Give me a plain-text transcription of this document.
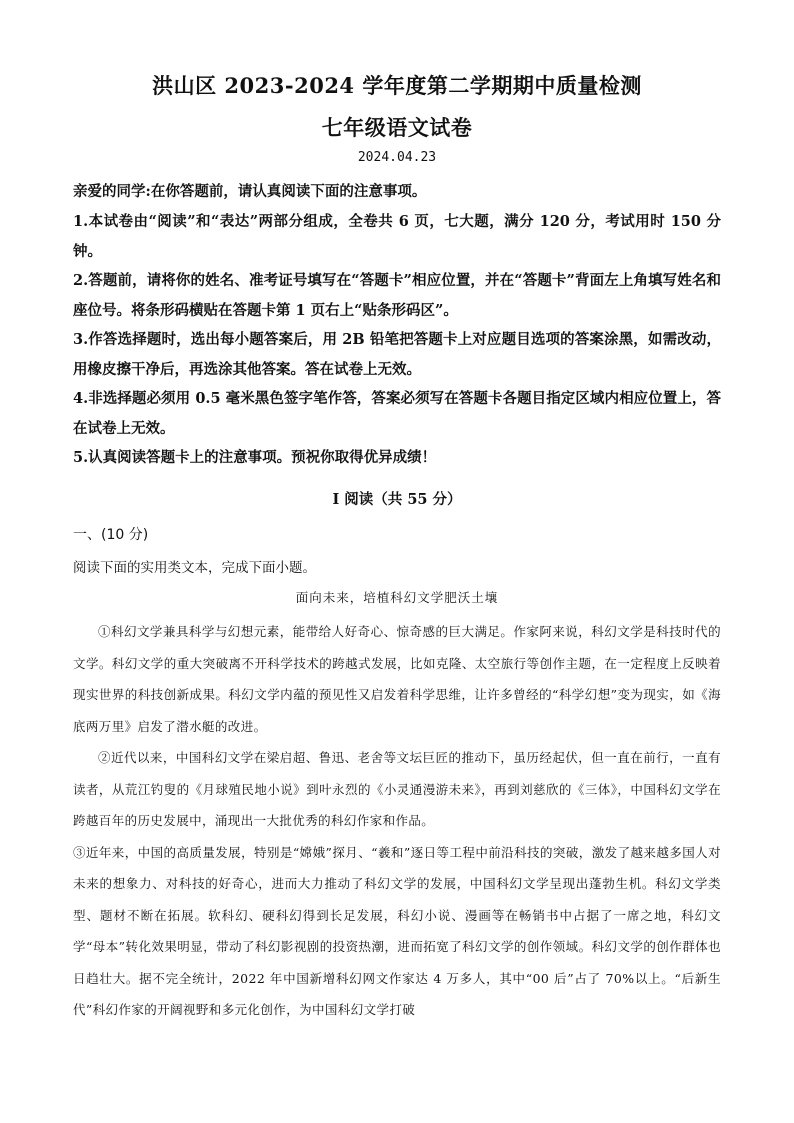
洪山区 2023-2024 学年度第二学期期中质量检测
七年级语文试卷
2024.04.23
亲爱的同学:在你答题前，请认真阅读下面的注意事项。

1.本试卷由“阅读”和“表达”两部分组成，全卷共 6 页，七大题，满分 120 分，考试用时 150 分钟。

2.答题前，请将你的姓名、准考证号填写在“答题卡”相应位置，并在“答题卡”背面左上角填写姓名和座位号。将条形码横贴在答题卡第 1 页右上“贴条形码区”。

3.作答选择题时，选出每小题答案后，用 2B 铅笔把答题卡上对应题目选项的答案涂黑，如需改动，用橡皮擦干净后，再选涂其他答案。答在试卷上无效。

4.非选择题必须用 0.5 毫米黑色签字笔作答，答案必须写在答题卡各题目指定区域内相应位置上，答在试卷上无效。

5.认真阅读答题卡上的注意事项。预祝你取得优异成绩！

I 阅读（共 55 分）
一、(10 分)
阅读下面的实用类文本，完成下面小题。
面向未来，培植科幻文学肥沃土壤

①科幻文学兼具科学与幻想元素，能带给人好奇心、惊奇感的巨大满足。作家阿来说，科幻文学是科技时代的文学。科幻文学的重大突破离不开科学技术的跨越式发展，比如克隆、太空旅行等创作主题，在一定程度上反映着现实世界的科技创新成果。科幻文学内蕴的预见性又启发着科学思维，让许多曾经的“科学幻想”变为现实，如《海底两万里》启发了潜水艇的改进。

②近代以来，中国科幻文学在梁启超、鲁迅、老舍等文坛巨匠的推动下，虽历经起伏，但一直在前行，一直有读者，从荒江钓叟的《月球殖民地小说》到叶永烈的《小灵通漫游未来》，再到刘慈欣的《三体》，中国科幻文学在跨越百年的历史发展中，涌现出一大批优秀的科幻作家和作品。

③近年来，中国的高质量发展，特别是“嫦娥”探月、“羲和”逐日等工程中前沿科技的突破，激发了越来越多国人对未来的想象力、对科技的好奇心，进而大力推动了科幻文学的发展，中国科幻文学呈现出蓬勃生机。科幻文学类型、题材不断在拓展。软科幻、硬科幻得到长足发展，科幻小说、漫画等在畅销书中占据了一席之地，科幻文学“母本”转化效果明显，带动了科幻影视剧的投资热潮，进而拓宽了科幻文学的创作领域。科幻文学的创作群体也日趋壮大。据不完全统计，2022 年中国新增科幻网文作家达 4 万多人，其中“00 后”占了 70%以上。“后新生代”科幻作家的开阔视野和多元化创作，为中国科幻文学打破
